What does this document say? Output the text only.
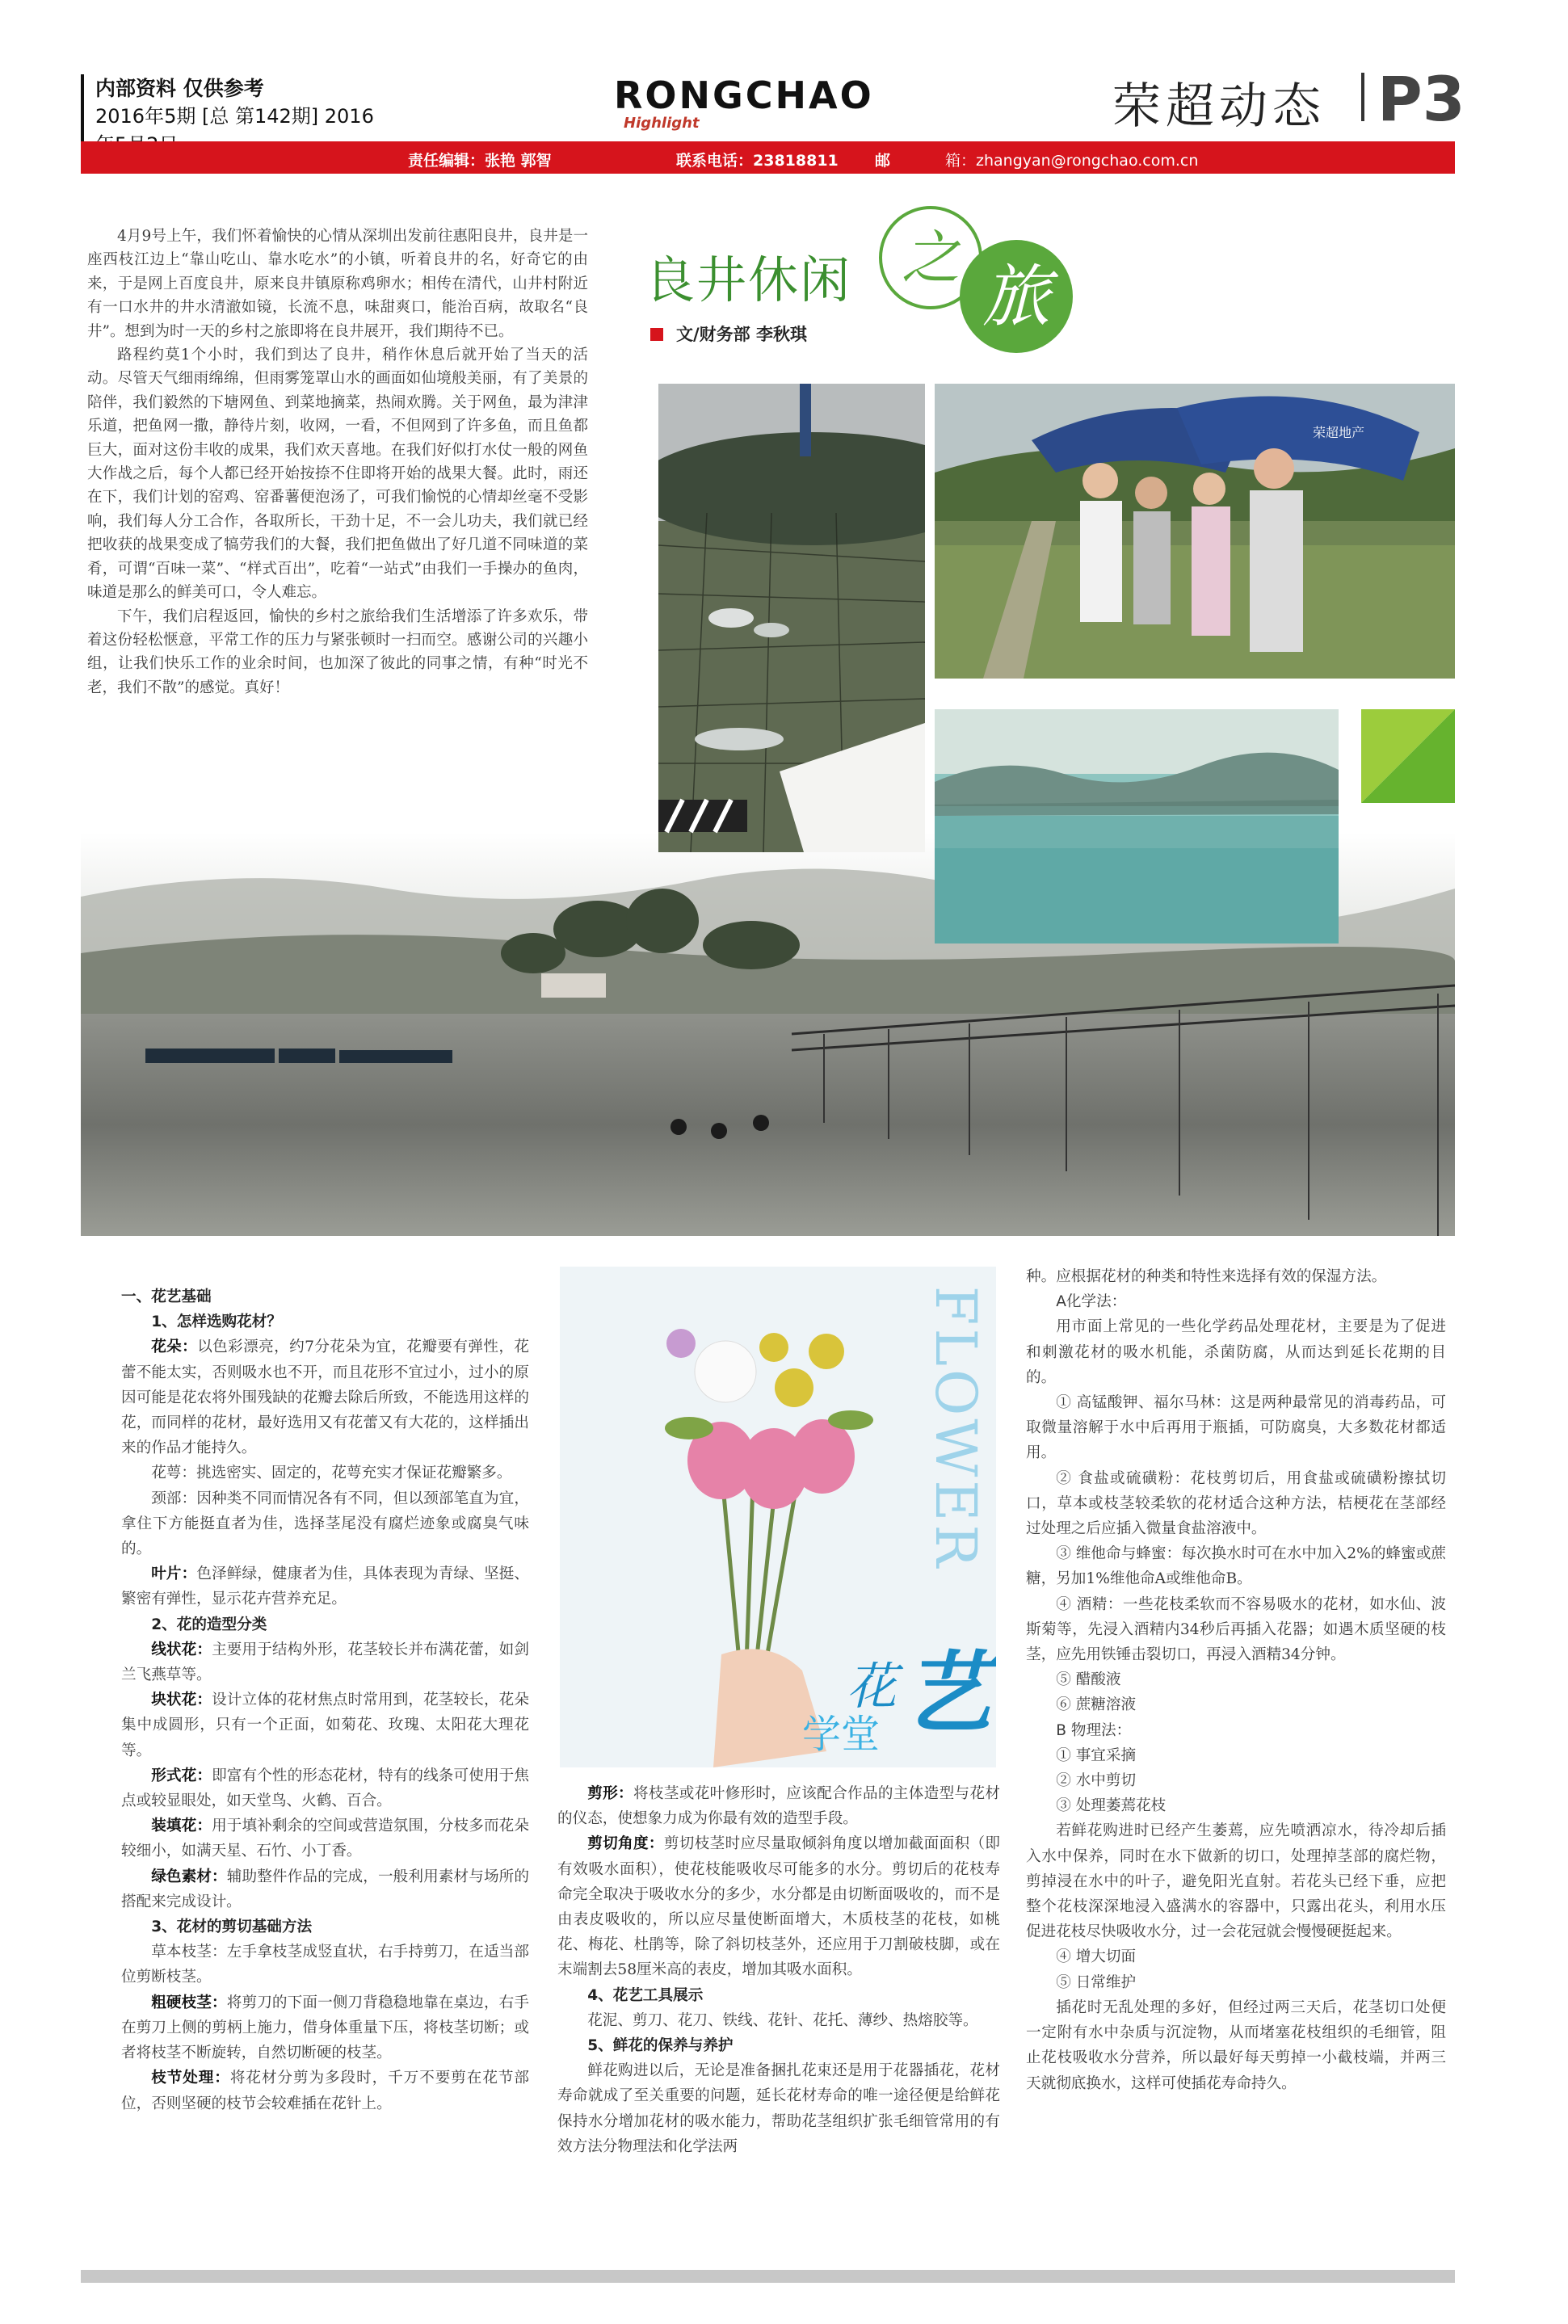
内部资料 仅供参考
2016年5期 [总 第142期] 2016	RONGCHAO
Highlight	荣超动态 P3
责任编辑：张艳 郭智	联系电话：23818811 邮	箱：zhangyan@rongchao.com.cn

4月9号上午，我们怀着愉快的心情从深圳出发前往惠阳良井，良井是一座西枝江边上“靠山吃山、靠水吃水”的小镇，听着良井的名，好奇它的由来，于是网上百度良井，原来良井镇原称鸡卵水；相传在清代，山井村附近有一口水井的井水清澈如镜，长流不息，味甜爽口，能治百病，故取名“良井”。想到为时一天的乡村之旅即将在良井展开，我们期待不已。

路程约莫1个小时，我们到达了良井，稍作休息后就开始了当天的活动。尽管天气细雨绵绵，但雨雾笼罩山水的画面如仙境般美丽，有了美景的陪伴，我们毅然的下塘网鱼、到菜地摘菜，热闹欢腾。关于网鱼，最为津津乐道，把鱼网一撒，静待片刻，收网，一看，不但网到了许多鱼，而且鱼都巨大，面对这份丰收的成果，我们欢天喜地。在我们好似打水仗一般的网鱼大作战之后，每个人都已经开始按捺不住即将开始的战果大餐。此时，雨还在下，我们计划的窑鸡、窑番薯便泡汤了，可我们愉悦的心情却丝毫不受影响，我们每人分工合作，各取所长，干劲十足，不一会儿功夫，我们就已经把收获的战果变成了犒劳我们的大餐，我们把鱼做出了好几道不同味道的菜肴，可谓“百味一菜”、“样式百出”，吃着“一站式”由我们一手操办的鱼肉，味道是那么的鲜美可口，令人难忘。

下午，我们启程返回，愉快的乡村之旅给我们生活增添了许多欢乐，带着这份轻松惬意，平常工作的压力与紧张顿时一扫而空。感谢公司的兴趣小组，让我们快乐工作的业余时间，也加深了彼此的同事之情，有种“时光不老，我们不散”的感觉。真好！

良井休闲 之 旅
文/财务部 李秋琪
荣超地产
FLOWER
花 艺
学堂

一、花艺基础

1、怎样选购花材？

花朵：以色彩漂亮，约7分花朵为宜，花瓣要有弹性，花蕾不能太实，否则吸水也不开，而且花形不宜过小，过小的原因可能是花农将外围残缺的花瓣去除后所致，不能选用这样的花，而同样的花材，最好选用又有花蕾又有大花的，这样插出来的作品才能持久。

花萼：挑选密实、固定的，花萼充实才保证花瓣繁多。

颈部：因种类不同而情况各有不同，但以颈部笔直为宜，拿住下方能挺直者为佳，选择茎尾没有腐烂迹象或腐臭气味的。

叶片：色泽鲜绿，健康者为佳，具体表现为青绿、坚挺、繁密有弹性，显示花卉营养充足。

2、花的造型分类

线状花：主要用于结构外形，花茎较长并布满花蕾，如剑兰飞燕草等。

块状花：设计立体的花材焦点时常用到，花茎较长，花朵集中成圆形，只有一个正面，如菊花、玫瑰、太阳花大理花等。

形式花：即富有个性的形态花材，特有的线条可使用于焦点或较显眼处，如天堂鸟、火鹤、百合。

装填花：用于填补剩余的空间或营造氛围，分枝多而花朵较细小，如满天星、石竹、小丁香。

绿色素材：辅助整件作品的完成，一般利用素材与场所的搭配来完成设计。

3、花材的剪切基础方法

草本枝茎：左手拿枝茎成竖直状，右手持剪刀，在适当部位剪断枝茎。

粗硬枝茎：将剪刀的下面一侧刀背稳稳地靠在桌边，右手在剪刀上侧的剪柄上施力，借身体重量下压，将枝茎切断；或者将枝茎不断旋转，自然切断硬的枝茎。

枝节处理：将花材分剪为多段时，千万不要剪在花节部位，否则坚硬的枝节会较难插在花针上。

剪形：将枝茎或花叶修形时，应该配合作品的主体造型与花材的仪态，使想象力成为你最有效的造型手段。

剪切角度：剪切枝茎时应尽量取倾斜角度以增加截面面积（即有效吸水面积），使花枝能吸收尽可能多的水分。剪切后的花枝寿命完全取决于吸收水分的多少，水分都是由切断面吸收的，而不是由表皮吸收的，所以应尽量使断面增大，木质枝茎的花枝，如桃花、梅花、杜鹃等，除了斜切枝茎外，还应用于刀割破枝脚，或在末端割去58厘米高的表皮，增加其吸水面积。

4、花艺工具展示

花泥、剪刀、花刀、铁线、花针、花托、薄纱、热熔胶等。

5、鲜花的保养与养护

鲜花购进以后，无论是准备捆扎花束还是用于花器插花，花材寿命就成了至关重要的问题，延长花材寿命的唯一途径便是给鲜花保持水分增加花材的吸水能力，帮助花茎组织扩张毛细管常用的有效方法分物理法和化学法两

种。应根据花材的种类和特性来选择有效的保湿方法。

A化学法：

用市面上常见的一些化学药品处理花材，主要是为了促进和刺激花材的吸水机能，杀菌防腐，从而达到延长花期的目的。

① 高锰酸钾、福尔马林：这是两种最常见的消毒药品，可取微量溶解于水中后再用于瓶插，可防腐臭，大多数花材都适用。

② 食盐或硫磺粉：花枝剪切后，用食盐或硫磺粉擦拭切口，草本或枝茎较柔软的花材适合这种方法，桔梗花在茎部经过处理之后应插入微量食盐溶液中。

③ 维他命与蜂蜜：每次换水时可在水中加入2%的蜂蜜或蔗糖，另加1%维他命A或维他命B。

④ 酒精：一些花枝柔软而不容易吸水的花材，如水仙、波斯菊等，先浸入酒精内34秒后再插入花器；如遇木质坚硬的枝茎，应先用铁锤击裂切口，再浸入酒精34分钟。

⑤ 醋酸液

⑥ 蔗糖溶液

B 物理法：

① 事宜采摘

② 水中剪切

③ 处理萎蔫花枝

若鲜花购进时已经产生萎蔫，应先喷洒凉水，待冷却后插入水中保养，同时在水下做新的切口，处理掉茎部的腐烂物，剪掉浸在水中的叶子，避免阳光直射。若花头已经下垂，应把整个花枝深深地浸入盛满水的容器中，只露出花头，利用水压促进花枝尽快吸收水分，过一会花冠就会慢慢硬挺起来。

④ 增大切面

⑤ 日常维护

插花时无乱处理的多好，但经过两三天后，花茎切口处便一定附有水中杂质与沉淀物，从而堵塞花枝组织的毛细管，阻止花枝吸收水分营养，所以最好每天剪掉一小截枝端，并两三天就彻底换水，这样可使插花寿命持久。
